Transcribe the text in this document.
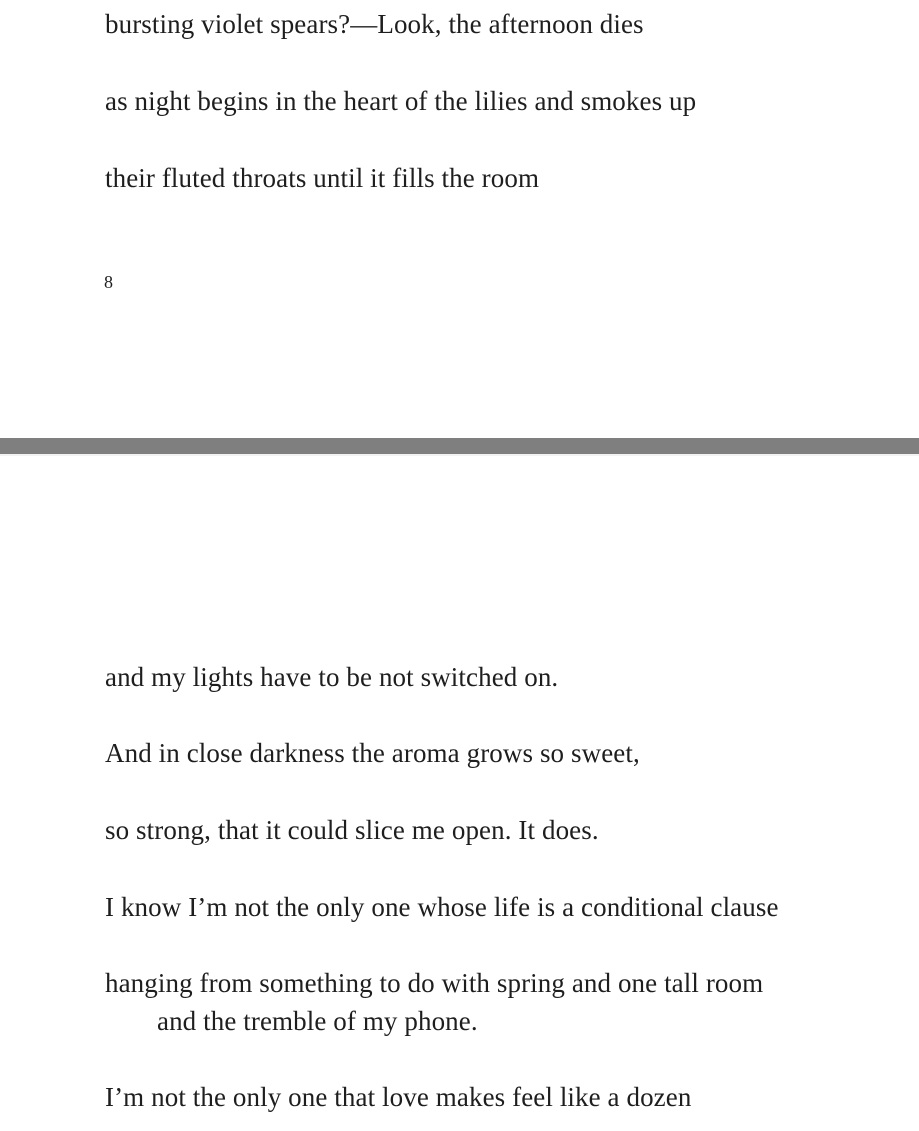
bursting violet spears?—Look, the afternoon dies
as night begins in the heart of the lilies and smokes up
their fluted throats until it fills the room
8
and my lights have to be not switched on.
And in close darkness the aroma grows so sweet,
so strong, that it could slice me open. It does.
I know I’m not the only one whose life is a conditional clause
hanging from something to do with spring and one tall room
and the tremble of my phone.
I’m not the only one that love makes feel like a dozen
